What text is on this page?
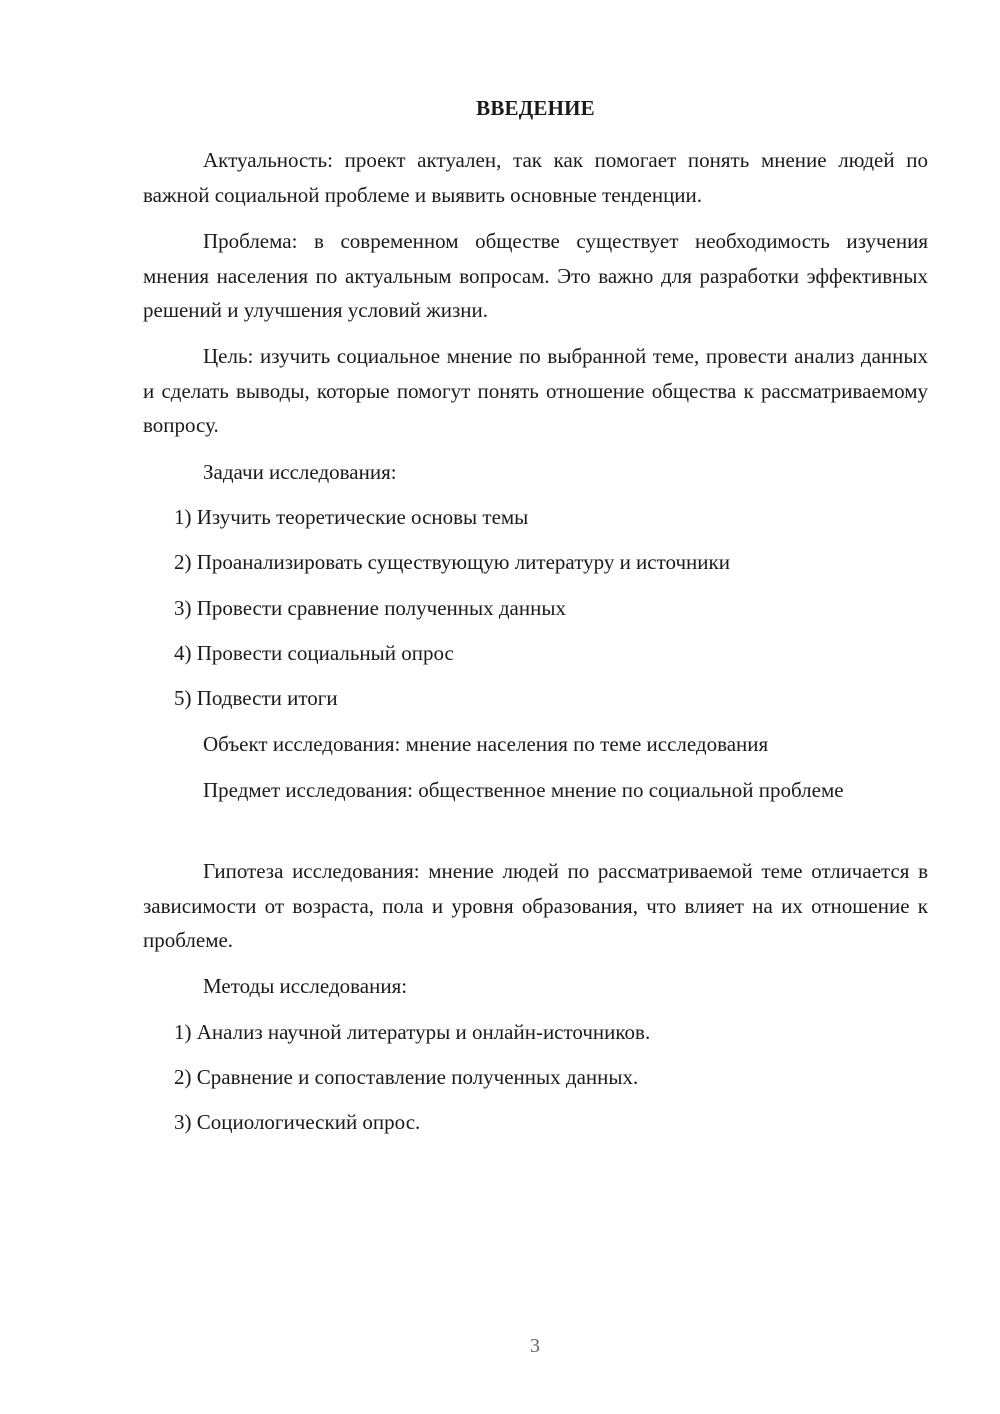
ВВЕДЕНИЕ

Актуальность: проект актуален, так как помогает понять мнение людей по важной социальной проблеме и выявить основные тенденции.

Проблема: в современном обществе существует необходимость изучения мнения населения по актуальным вопросам. Это важно для разработки эффективных решений и улучшения условий жизни.

Цель: изучить социальное мнение по выбранной теме, провести анализ данных и сделать выводы, которые помогут понять отношение общества к рассматриваемому вопросу.

Задачи исследования:

1) Изучить теоретические основы темы

2) Проанализировать существующую литературу и источники

3) Провести сравнение полученных данных

4) Провести социальный опрос

5) Подвести итоги

Объект исследования: мнение населения по теме исследования

Предмет исследования: общественное мнение по социальной проблеме

Гипотеза исследования: мнение людей по рассматриваемой теме отличается в зависимости от возраста, пола и уровня образования, что влияет на их отношение к проблеме.

Методы исследования:

1) Анализ научной литературы и онлайн-источников.

2) Сравнение и сопоставление полученных данных.

3) Социологический опрос.

3
